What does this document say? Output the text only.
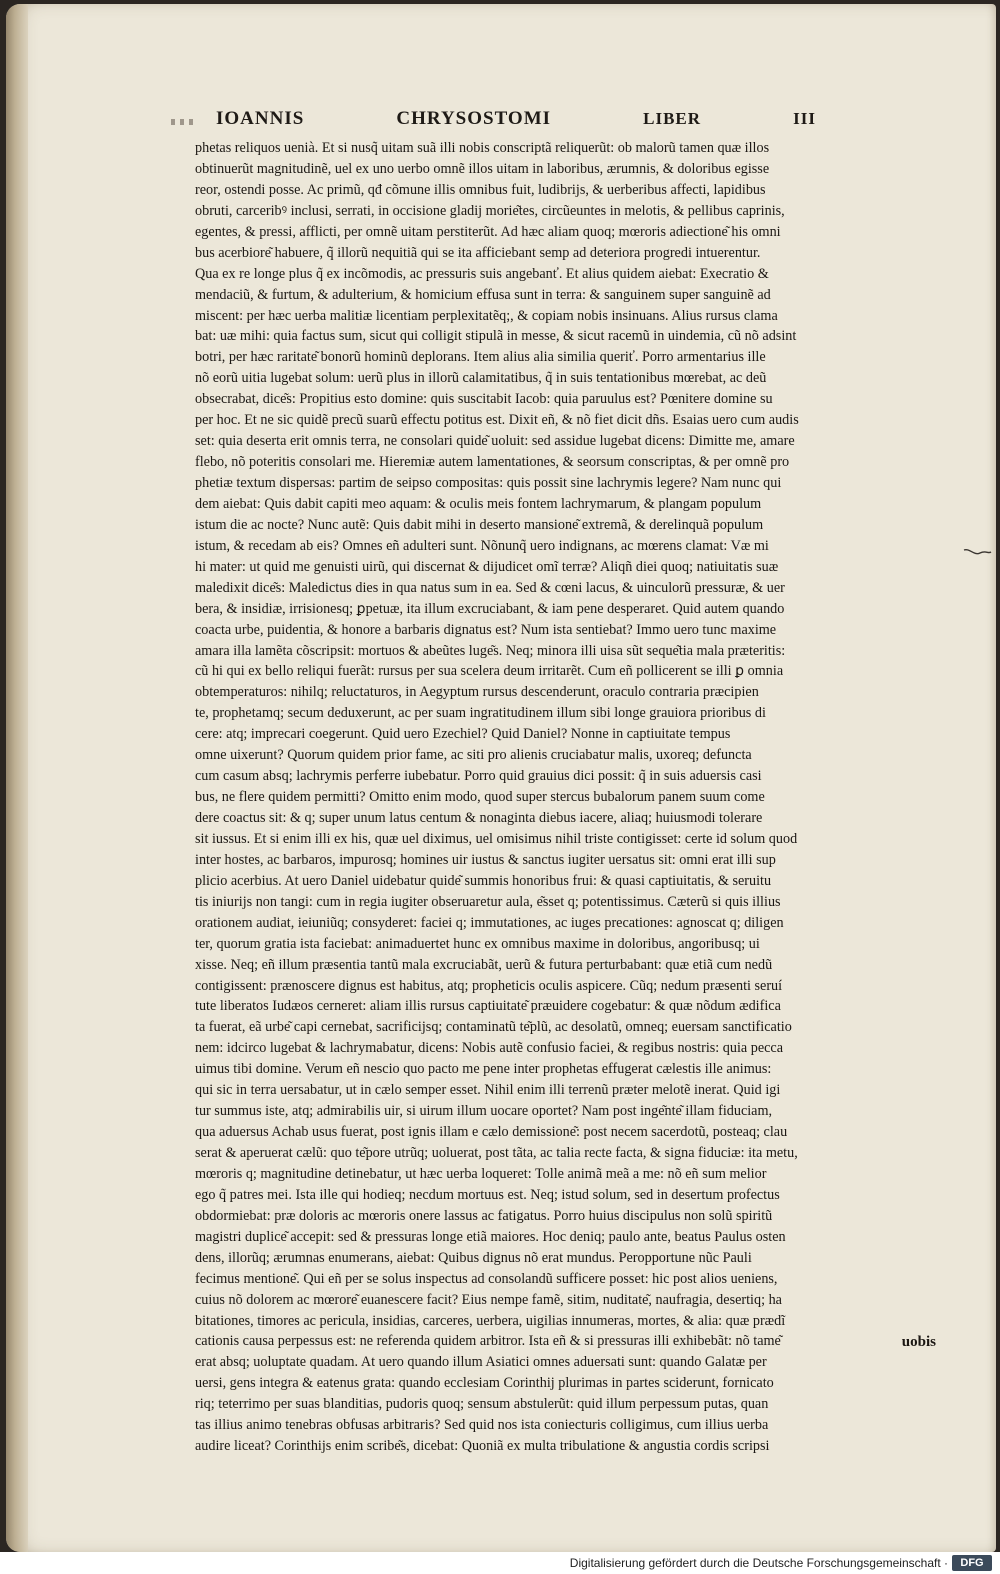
IOANNIS	CHRYSOSTOMI	LIBER	III
phetas reliquos uenià. Et si nusq̃ uitam suã illi nobis conscriptã reliquerũt: ob malorũ tamen quæ illos
obtinuerũt magnitudinẽ, uel ex uno uerbo omnẽ illos uitam in laboribus, ærumnis, & doloribus egisse
reor, ostendi posse. Ac primũ, qđ cõmune illis omnibus fuit, ludibrijs, & uerberibus affecti, lapidibus
obruti, carceribꝰ inclusi, serrati, in occisione gladij morie͂tes, circũeuntes in melotis, & pellibus caprinis,
egentes, & pressi, afflicti, per omnẽ uitam perstiterũt. Ad hæc aliam quoq; mœroris adiectione͂ his omni
bus acerbiore͂ habuere, q̃ illorũ nequitiã qui se ita afficiebant semp ad deteriora progredi intuerentur.
Qua ex re longe plus q̃ ex incõmodis, ac pressuris suis angebanť. Et alius quidem aiebat: Execratio &
mendaciũ, & furtum, & adulterium, & homicium effusa sunt in terra: & sanguinem super sanguinẽ ad
miscent: per hæc uerba malitiæ licentiam perplexitatẽq;, & copiam nobis insinuans. Alius rursus clama
bat: uæ mihi: quia factus sum, sicut qui colligit stipulã in messe, & sicut racemũ in uindemia, cũ nõ adsint
botri, per hæc raritate͂ bonorũ hominũ deplorans. Item alius alia similia queriť. Porro armentarius ille
nõ eorũ uitia lugebat solum: uerũ plus in illorũ calamitatibus, q̃ in suis tentationibus mœrebat, ac deũ
obsecrabat, dice͂s: Propitius esto domine: quis suscitabit Iacob: quia paruulus est? Pœnitere domine su
per hoc. Et ne sic quidẽ precũ suarũ effectu potitus est. Dixit eñ, & nõ fiet dicit dñs. Esaias uero cum audis
set: quia deserta erit omnis terra, ne consolari quide͂ uoluit: sed assidue lugebat dicens: Dimitte me, amare
flebo, nõ poteritis consolari me. Hieremiæ autem lamentationes, & seorsum conscriptas, & per omnẽ pro
phetiæ textum dispersas: partim de seipso compositas: quis possit sine lachrymis legere? Nam nunc qui
dem aiebat: Quis dabit capiti meo aquam: & oculis meis fontem lachrymarum, & plangam populum
istum die ac nocte? Nunc autẽ: Quis dabit mihi in deserto mansione͂ extremã, & derelinquã populum
istum, & recedam ab eis? Omnes eñ adulteri sunt. Nõnunq̃ uero indignans, ac mœrens clamat: Væ mi
hi mater: ut quid me genuisti uirũ, qui discernat & dijudicet omĩ terræ? Aliqñ diei quoq; natiuitatis suæ
maledixit dice͂s: Maledictus dies in qua natus sum in ea. Sed & cœni lacus, & uinculorũ pressuræ, & uer
bera, & insidiæ, irrisionesq; ꝑpetuæ, ita illum excruciabant, & iam pene desperaret. Quid autem quando
coacta urbe, puidentia, & honore a barbaris dignatus est? Num ista sentiebat? Immo uero tunc maxime
amara illa lamẽta cõscripsit: mortuos & abeũtes luge͂s. Neq; minora illi uisa sũt seque͂tia mala præteritis:
cũ hi qui ex bello reliqui fuerãt: rursus per sua scelera deum irritarẽt. Cum eñ pollicerent se illi ꝑ omnia
obtemperaturos: nihilq; reluctaturos, in Aegyptum rursus descenderunt, oraculo contraria præcipien
te, prophetamq; secum deduxerunt, ac per suam ingratitudinem illum sibi longe grauiora prioribus di
cere: atq; imprecari coegerunt. Quid uero Ezechiel? Quid Daniel? Nonne in captiuitate tempus
omne uixerunt? Quorum quidem prior fame, ac siti pro alienis cruciabatur malis, uxoreq; defuncta
cum casum absq; lachrymis perferre iubebatur. Porro quid grauius dici possit: q̃ in suis aduersis casi
bus, ne flere quidem permitti? Omitto enim modo, quod super stercus bubalorum panem suum come
dere coactus sit: & q; super unum latus centum & nonaginta diebus iacere, aliaq; huiusmodi tolerare
sit iussus. Et si enim illi ex his, quæ uel diximus, uel omisimus nihil triste contigisset: certe id solum quod
inter hostes, ac barbaros, impurosq; homines uir iustus & sanctus iugiter uersatus sit: omni erat illi sup
plicio acerbius. At uero Daniel uidebatur quide͂ summis honoribus frui: & quasi captiuitatis, & seruitu
tis iniurijs non tangi: cum in regia iugiter obseruaretur aula, e͂sset q; potentissimus. Cæterũ si quis illius
orationem audiat, ieiuniũq; consyderet: faciei q; immutationes, ac iuges precationes: agnoscat q; diligen
ter, quorum gratia ista faciebat: animaduertet hunc ex omnibus maxime in doloribus, angoribusq; ui
xisse. Neq; eñ illum præsentia tantũ mala excruciabãt, uerũ & futura perturbabant: quæ etiã cum nedũ
contigissent: prænoscere dignus est habitus, atq; propheticis oculis aspicere. Cũq; nedum præsenti seruí
tute liberatos Iudæos cerneret: aliam illis rursus captiuitate͂ præuidere cogebatur: & quæ nõdum ædifica
ta fuerat, eã urbe͂ capi cernebat, sacrificijsq; contaminatũ te͂plũ, ac desolatũ, omneq; euersam sanctificatio
nem: idcirco lugebat & lachrymabatur, dicens: Nobis autẽ confusio faciei, & regibus nostris: quia pecca
uimus tibi domine. Verum eñ nescio quo pacto me pene inter prophetas effugerat cælestis ille animus:
qui sic in terra uersabatur, ut in cælo semper esset. Nihil enim illi terrenũ præter melotẽ inerat. Quid igi
tur summus iste, atq; admirabilis uir, si uirum illum uocare oportet? Nam post inge͂nte͂ illam fiduciam,
qua aduersus Achab usus fuerat, post ignis illam e cælo demissione͂: post necem sacerdotũ, posteaq; clau
serat & aperuerat cælũ: quo te͂pore utrũq; uoluerat, post tãta, ac talia recte facta, & signa fiduciæ: ita metu,
mœroris q; magnitudine detinebatur, ut hæc uerba loqueret: Tolle animã meã a me: nõ eñ sum melior
ego q̃ patres mei. Ista ille qui hodieq; necdum mortuus est. Neq; istud solum, sed in desertum profectus
obdormiebat: præ doloris ac mœroris onere lassus ac fatigatus. Porro huius discipulus non solũ spiritũ
magistri duplice͂ accepit: sed & pressuras longe etiã maiores. Hoc deniq; paulo ante, beatus Paulus osten
dens, illorũq; ærumnas enumerans, aiebat: Quibus dignus nõ erat mundus. Peropportune nũc Pauli
fecimus mentione͂. Qui eñ per se solus inspectus ad consolandũ sufficere posset: hic post alios ueniens,
cuius nõ dolorem ac mœrore͂ euanescere facit? Eius nempe famẽ, sitim, nuditate͂, naufragia, desertiq; ha
bitationes, timores ac pericula, insidias, carceres, uerbera, uigilias innumeras, mortes, & alia: quæ prædĩ
cationis causa perpessus est: ne referenda quidem arbitror. Ista eñ & si pressuras illi exhibebãt: nõ tame͂
erat absq; uoluptate quadam. At uero quando illum Asiatici omnes aduersati sunt: quando Galatæ per
uersi, gens integra & eatenus grata: quando ecclesiam Corinthij plurimas in partes sciderunt, fornicato
riq; teterrimo per suas blanditias, pudoris quoq; sensum abstulerũt: quid illum perpessum putas, quan
tas illius animo tenebras obfusas arbitraris? Sed quid nos ista coniecturis colligimus, cum illius uerba
audire liceat? Corinthijs enim scribe͂s, dicebat: Quoniã ex multa tribulatione & angustia cordis scripsi
uobis
Digitalisierung gefördert durch die Deutsche Forschungsgemeinschaft ·	DFG
